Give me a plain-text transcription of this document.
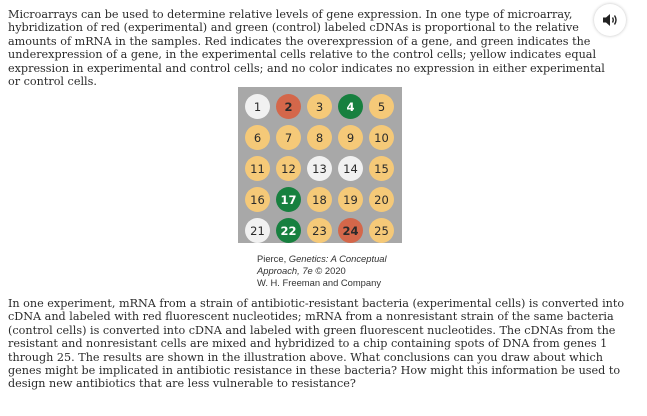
Microarrays can be used to determine relative levels of gene expression. In one type of microarray, hybridization of red (experimental) and green (control) labeled cDNAs is proportional to the relative amounts of mRNA in the samples. Red indicates the overexpression of a gene, and green indicates the underexpression of a gene, in the experimental cells relative to the control cells; yellow indicates equal expression in experimental and control cells; and no color indicates no expression in either experimental or control cells.

1	2	3	4	5
6	7	8	9	10
11	12	13	14	15
16	17	18	19	20
21	22	23	24	25
Pierce, Genetics: A Conceptual
Approach, 7e © 2020
W. H. Freeman and Company

In one experiment, mRNA from a strain of antibiotic-resistant bacteria (experimental cells) is converted into cDNA and labeled with red fluorescent nucleotides; mRNA from a nonresistant strain of the same bacteria (control cells) is converted into cDNA and labeled with green fluorescent nucleotides. The cDNAs from the resistant and nonresistant cells are mixed and hybridized to a chip containing spots of DNA from genes 1 through 25. The results are shown in the illustration above. What conclusions can you draw about which genes might be implicated in antibiotic resistance in these bacteria? How might this information be used to design new antibiotics that are less vulnerable to resistance?
